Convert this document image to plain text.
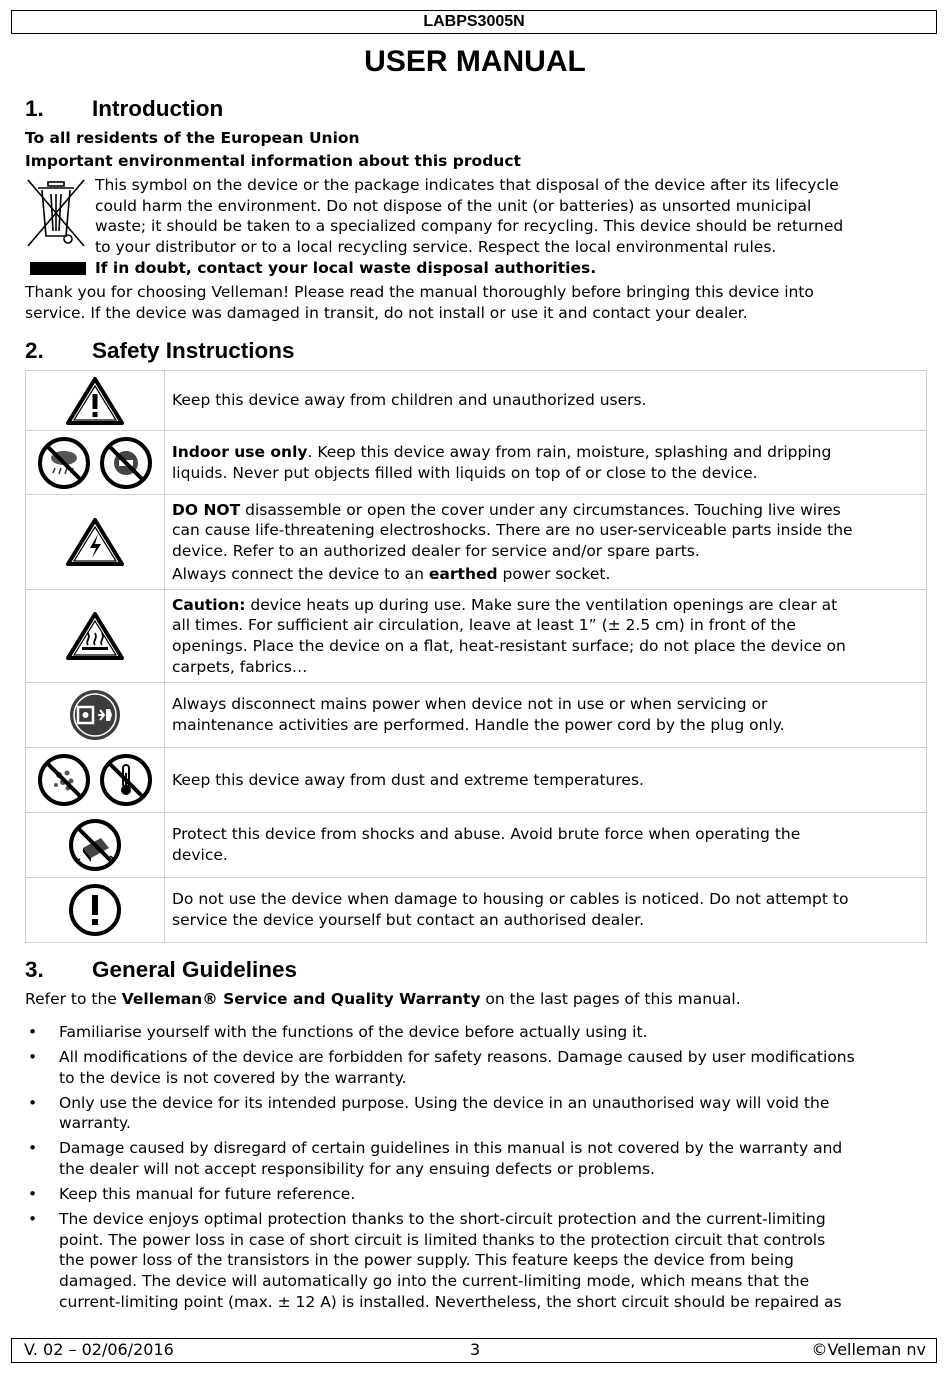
LABPS3005N
USER MANUAL
1. Introduction
To all residents of the European Union
Important environmental information about this product
This symbol on the device or the package indicates that disposal of the device after its lifecycle
could harm the environment. Do not dispose of the unit (or batteries) as unsorted municipal
waste; it should be taken to a specialized company for recycling. This device should be returned
to your distributor or to a local recycling service. Respect the local environmental rules.
If in doubt, contact your local waste disposal authorities.
Thank you for choosing Velleman! Please read the manual thoroughly before bringing this device into
service. If the device was damaged in transit, do not install or use it and contact your dealer.
2. Safety Instructions

Keep this device away from children and unauthorized users.

Indoor use only. Keep this device away from rain, moisture, splashing and dripping
liquids. Never put objects filled with liquids on top of or close to the device.

DO NOT disassemble or open the cover under any circumstances. Touching live wires
can cause life-threatening electroshocks. There are no user-serviceable parts inside the
device. Refer to an authorized dealer for service and/or spare parts.
Always connect the device to an earthed power socket.

Caution: device heats up during use. Make sure the ventilation openings are clear at
all times. For sufficient air circulation, leave at least 1” (± 2.5 cm) in front of the
openings. Place the device on a flat, heat-resistant surface; do not place the device on
carpets, fabrics…

Always disconnect mains power when device not in use or when servicing or
maintenance activities are performed. Handle the power cord by the plug only.

Keep this device away from dust and extreme temperatures.

Protect this device from shocks and abuse. Avoid brute force when operating the
device.

Do not use the device when damage to housing or cables is noticed. Do not attempt to
service the device yourself but contact an authorised dealer.
3. General Guidelines
Refer to the Velleman® Service and Quality Warranty on the last pages of this manual.
• Familiarise yourself with the functions of the device before actually using it.
• All modifications of the device are forbidden for safety reasons. Damage caused by user modifications
to the device is not covered by the warranty.
• Only use the device for its intended purpose. Using the device in an unauthorised way will void the
warranty.
• Damage caused by disregard of certain guidelines in this manual is not covered by the warranty and
the dealer will not accept responsibility for any ensuing defects or problems.
• Keep this manual for future reference.
• The device enjoys optimal protection thanks to the short-circuit protection and the current-limiting
point. The power loss in case of short circuit is limited thanks to the protection circuit that controls
the power loss of the transistors in the power supply. This feature keeps the device from being
damaged. The device will automatically go into the current-limiting mode, which means that the
current-limiting point (max. ± 12 A) is installed. Nevertheless, the short circuit should be repaired as
V. 02 – 02/06/2016	3	©Velleman nv
